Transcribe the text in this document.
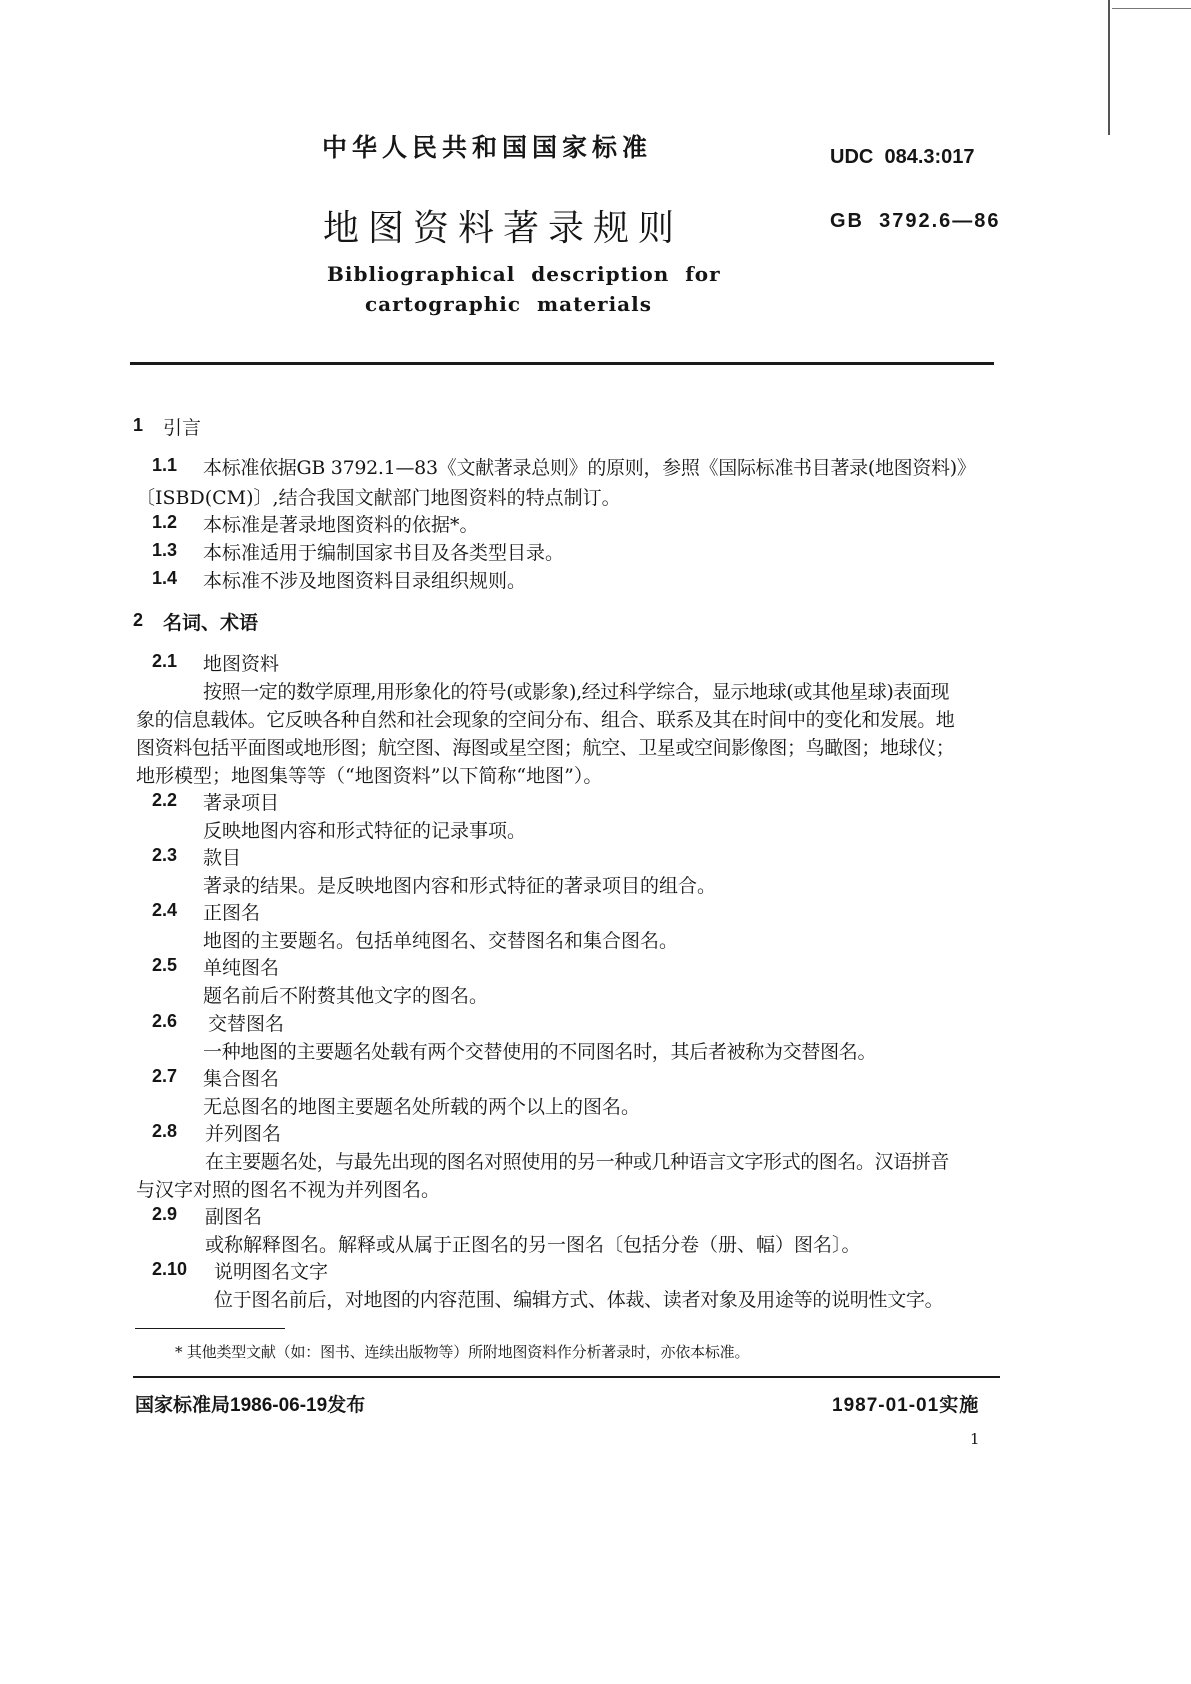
中华人民共和国国家标准	UDC  084.3:017
地图资料著录规则	GB  3792.6—86
Bibliographical  description  for
cartographic  materials
1 引言
1.1 本标准依据GB 3792.1—83《文献著录总则》的原则，参照《国际标准书目著录(地图资料)》
〔ISBD(CM)〕,结合我国文献部门地图资料的特点制订。
1.2 本标准是著录地图资料的依据*。
1.3 本标准适用于编制国家书目及各类型目录。
1.4 本标准不涉及地图资料目录组织规则。
2 名词、术语
2.1 地图资料
按照一定的数学原理,用形象化的符号(或影象),经过科学综合，显示地球(或其他星球)表面现
象的信息载体。它反映各种自然和社会现象的空间分布、组合、联系及其在时间中的变化和发展。地
图资料包括平面图或地形图；航空图、海图或星空图；航空、卫星或空间影像图；鸟瞰图；地球仪；
地形模型；地图集等等（“地图资料”以下简称“地图”）。
2.2 著录项目
反映地图内容和形式特征的记录事项。
2.3 款目
著录的结果。是反映地图内容和形式特征的著录项目的组合。
2.4 正图名
地图的主要题名。包括单纯图名、交替图名和集合图名。
2.5 单纯图名
题名前后不附赘其他文字的图名。
2.6 交替图名
一种地图的主要题名处载有两个交替使用的不同图名时，其后者被称为交替图名。
2.7 集合图名
无总图名的地图主要题名处所载的两个以上的图名。
2.8 并列图名
在主要题名处，与最先出现的图名对照使用的另一种或几种语言文字形式的图名。汉语拼音
与汉字对照的图名不视为并列图名。
2.9 副图名
或称解释图名。解释或从属于正图名的另一图名〔包括分卷（册、幅）图名〕。
2.10 说明图名文字
位于图名前后，对地图的内容范围、编辑方式、体裁、读者对象及用途等的说明性文字。
* 其他类型文献（如：图书、连续出版物等）所附地图资料作分析著录时，亦依本标准。
国家标准局1986-06-19发布	1987-01-01实施
1
